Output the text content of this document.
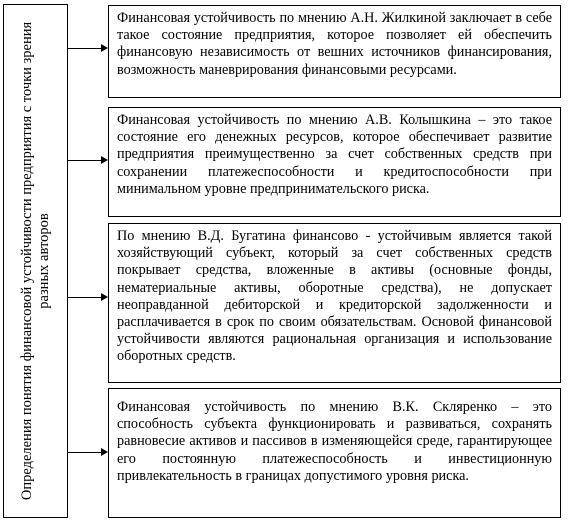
Определения понятия финансовой устойчивости предприятия с точки зрения разных авторов

Финансовая устойчивость по мнению А.Н. Жилкиной заключает в себе такое состояние предприятия, которое позволяет ей обеспечить финансовую независимость от вешних источников финансирования, возможность маневрирования финансовыми ресурсами.

Финансовая устойчивость по мнению А.В. Колышкина – это такое состояние его денежных ресурсов, которое обеспечивает развитие предприятия преимущественно за счет собственных средств при сохранении платежеспособности и кредитоспособности при минимальном уровне предпринимательского риска.

По мнению В.Д. Бугатина финансово - устойчивым является такой хозяйствующий субъект, который за счет собственных средств покрывает средства, вложенные в активы (основные фонды, нематериальные активы, оборотные средства), не допускает неоправданной дебиторской и кредиторской задолженности и расплачивается в срок по своим обязательствам. Основой финансовой устойчивости являются рациональная организация и использование оборотных средств.

Финансовая устойчивость по мнению В.К. Скляренко – это способность субъекта функционировать и развиваться, сохранять равновесие активов и пассивов в изменяющейся среде, гарантирующее его постоянную платежеспособность и инвестиционную привлекательность в границах допустимого уровня риска.
